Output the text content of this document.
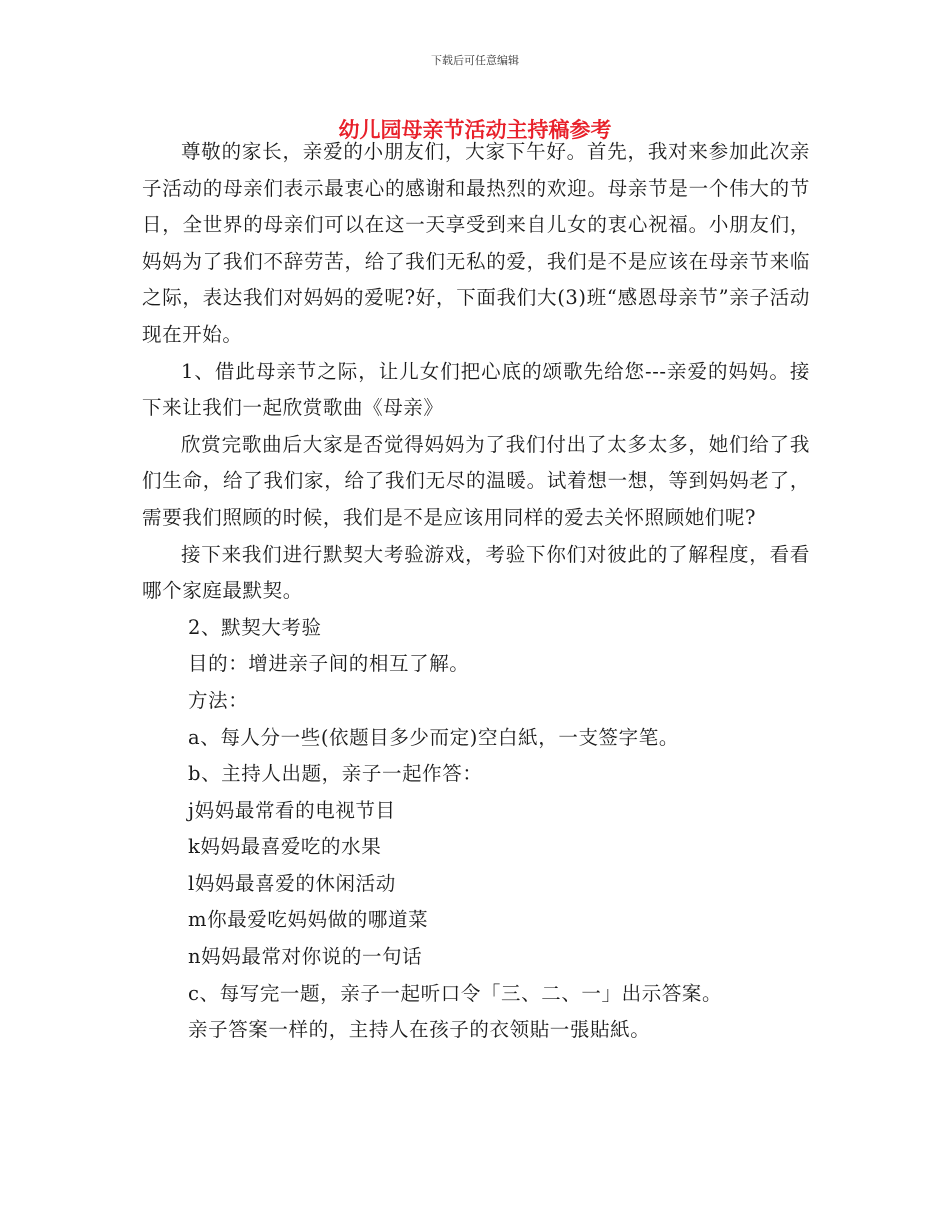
下载后可任意编辑
幼儿园母亲节活动主持稿参考

尊敬的家长，亲爱的小朋友们，大家下午好。首先，我对来参加此次亲子活动的母亲们表示最衷心的感谢和最热烈的欢迎。母亲节是一个伟大的节日，全世界的母亲们可以在这一天享受到来自儿女的衷心祝福。小朋友们，妈妈为了我们不辞劳苦，给了我们无私的爱，我们是不是应该在母亲节来临之际，表达我们对妈妈的爱呢?好，下面我们大(3)班“感恩母亲节”亲子活动现在开始。

1、借此母亲节之际，让儿女们把心底的颂歌先给您---亲爱的妈妈。接下来让我们一起欣赏歌曲《母亲》

欣赏完歌曲后大家是否觉得妈妈为了我们付出了太多太多，她们给了我们生命，给了我们家，给了我们无尽的温暖。试着想一想，等到妈妈老了，需要我们照顾的时候，我们是不是应该用同样的爱去关怀照顾她们呢?

接下来我们进行默契大考验游戏，考验下你们对彼此的了解程度，看看哪个家庭最默契。

2、默契大考验

目的：增进亲子间的相互了解。

方法：

a、每人分一些(依题目多少而定)空白紙，一支签字笔。

b、主持人出题，亲子一起作答：

j妈妈最常看的电视节目

k妈妈最喜爱吃的水果

l妈妈最喜爱的休闲活动

m你最爱吃妈妈做的哪道菜

n妈妈最常对你说的一句话

c、每写完一题，亲子一起听口令「三、二、一」出示答案。

亲子答案一样的，主持人在孩子的衣领貼一張貼紙。
